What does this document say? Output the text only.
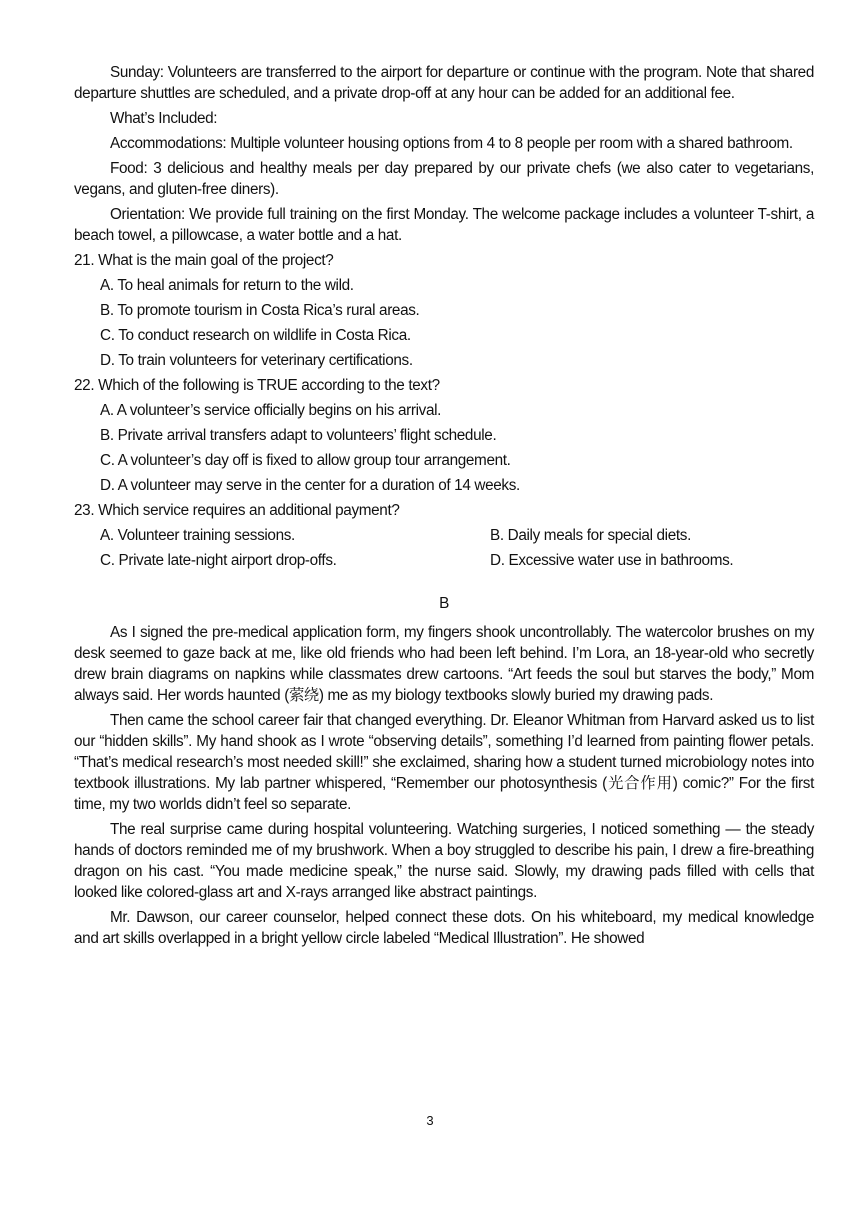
Sunday: Volunteers are transferred to the airport for departure or continue with the program. Note that shared departure shuttles are scheduled, and a private drop-off at any hour can be added for an additional fee.

What’s Included:

Accommodations: Multiple volunteer housing options from 4 to 8 people per room with a shared bathroom.

Food: 3 delicious and healthy meals per day prepared by our private chefs (we also cater to vegetarians, vegans, and gluten-free diners).

Orientation: We provide full training on the first Monday. The welcome package includes a volunteer T-shirt, a beach towel, a pillowcase, a water bottle and a hat.

21. What is the main goal of the project?

A. To heal animals for return to the wild.

B. To promote tourism in Costa Rica’s rural areas.

C. To conduct research on wildlife in Costa Rica.

D. To train volunteers for veterinary certifications.

22. Which of the following is TRUE according to the text?

A. A volunteer’s service officially begins on his arrival.

B. Private arrival transfers adapt to volunteers’ flight schedule.

C. A volunteer’s day off is fixed to allow group tour arrangement.

D. A volunteer may serve in the center for a duration of 14 weeks.

23. Which service requires an additional payment?

A. Volunteer training sessions.	B. Daily meals for special diets.
C. Private late-night airport drop-offs.	D. Excessive water use in bathrooms.

B

As I signed the pre-medical application form, my fingers shook uncontrollably. The watercolor brushes on my desk seemed to gaze back at me, like old friends who had been left behind. I’m Lora, an 18-year-old who secretly drew brain diagrams on napkins while classmates drew cartoons. “Art feeds the soul but starves the body,” Mom always said. Her words haunted (萦绕) me as my biology textbooks slowly buried my drawing pads.

Then came the school career fair that changed everything. Dr. Eleanor Whitman from Harvard asked us to list our “hidden skills”. My hand shook as I wrote “observing details”, something I’d learned from painting flower petals. “That’s medical research’s most needed skill!” she exclaimed, sharing how a student turned microbiology notes into textbook illustrations. My lab partner whispered, “Remember our photosynthesis (光合作用) comic?” For the first time, my two worlds didn’t feel so separate.

The real surprise came during hospital volunteering. Watching surgeries, I noticed something — the steady hands of doctors reminded me of my brushwork. When a boy struggled to describe his pain, I drew a fire-breathing dragon on his cast. “You made medicine speak,” the nurse said. Slowly, my drawing pads filled with cells that looked like colored-glass art and X-rays arranged like abstract paintings.

Mr. Dawson, our career counselor, helped connect these dots. On his whiteboard, my medical knowledge and art skills overlapped in a bright yellow circle labeled “Medical Illustration”. He showed

3
